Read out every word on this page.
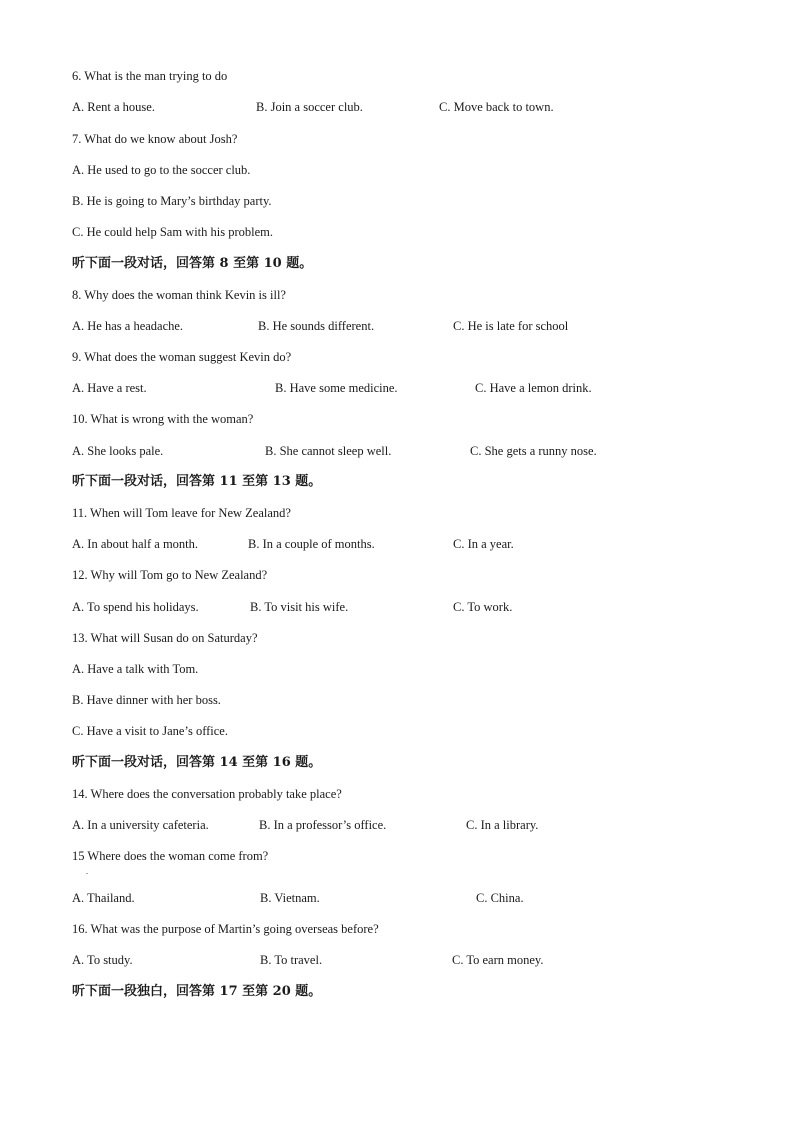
6. What is the man trying to do
A. Rent a house.	B. Join a soccer club.	C. Move back to town.
7. What do we know about Josh?
A. He used to go to the soccer club.
B. He is going to Mary’s birthday party.
C. He could help Sam with his problem.
听下面一段对话，回答第 8 至第 10 题。
8. Why does the woman think Kevin is ill?
A. He has a headache.	B. He sounds different.	C. He is late for school
9. What does the woman suggest Kevin do?
A. Have a rest.	B. Have some medicine.	C. Have a lemon drink.
10. What is wrong with the woman?
A. She looks pale.	B. She cannot sleep well.	C. She gets a runny nose.
听下面一段对话，回答第 11 至第 13 题。
11. When will Tom leave for New Zealand?
A. In about half a month.	B. In a couple of months.	C. In a year.
12. Why will Tom go to New Zealand?
A. To spend his holidays.	B. To visit his wife.	C. To work.
13. What will Susan do on Saturday?
A. Have a talk with Tom.
B. Have dinner with her boss.
C. Have a visit to Jane’s office.
听下面一段对话，回答第 14 至第 16 题。
14. Where does the conversation probably take place?
A. In a university cafeteria.	B. In a professor’s office.	C. In a library.
15 Where does the woman come from?
.
A. Thailand.	B. Vietnam.	C. China.
16. What was the purpose of Martin’s going overseas before?
A. To study.	B. To travel.	C. To earn money.
听下面一段独白，回答第 17 至第 20 题。
